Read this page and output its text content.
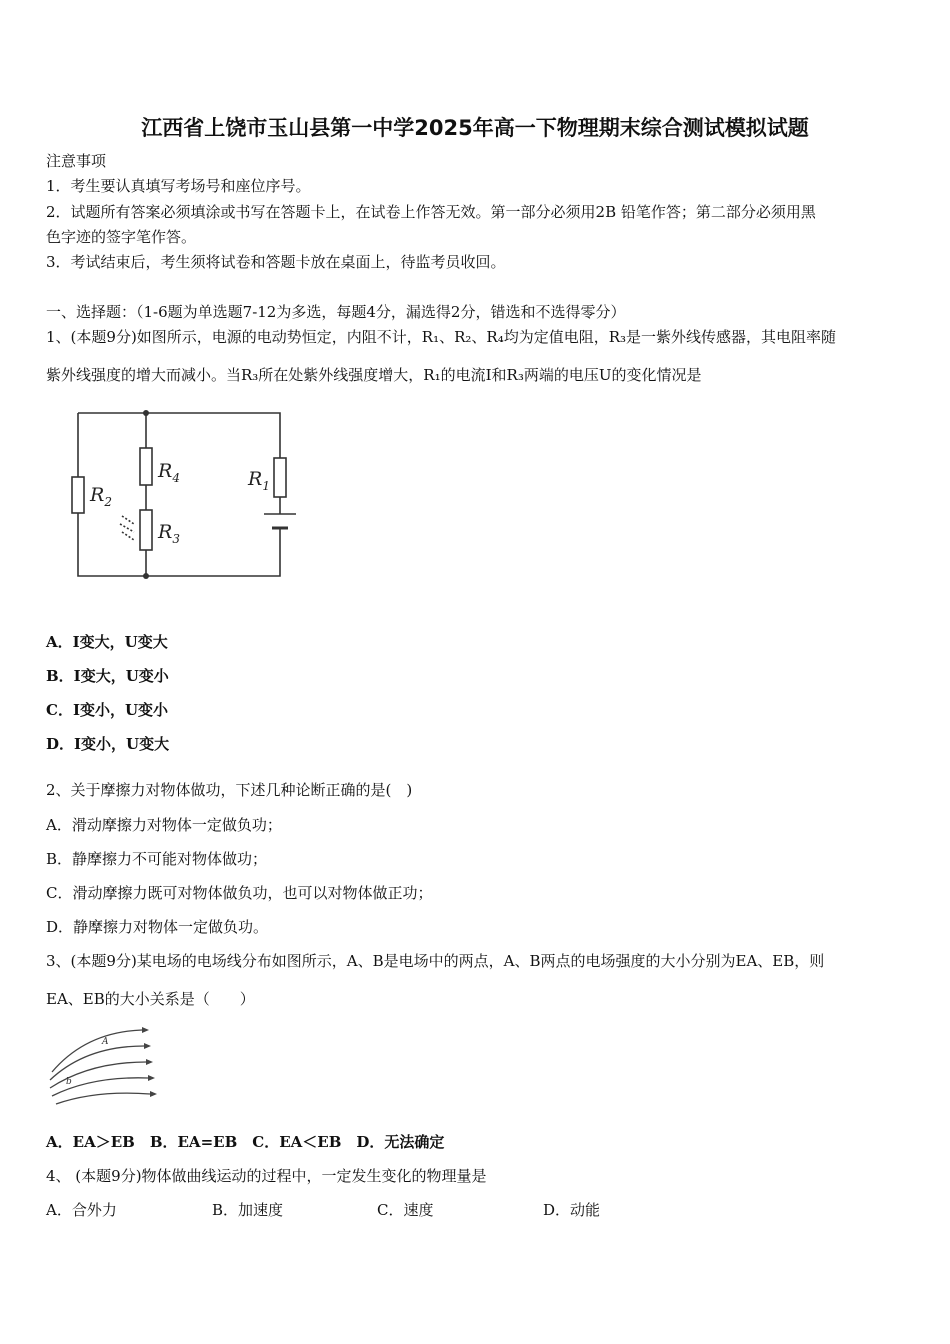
江西省上饶市玉山县第一中学2025年高一下物理期末综合测试模拟试题
注意事项
1．考生要认真填写考场号和座位序号。
2．试题所有答案必须填涂或书写在答题卡上，在试卷上作答无效。第一部分必须用2B 铅笔作答；第二部分必须用黑
色字迹的签字笔作答。
3．考试结束后，考生须将试卷和答题卡放在桌面上，待监考员收回。
一、选择题：（1-6题为单选题7-12为多选，每题4分，漏选得2分，错选和不选得零分）
1、(本题9分)如图所示，电源的电动势恒定，内阻不计，R₁、R₂、R₄均为定值电阻，R₃是一紫外线传感器，其电阻率随
紫外线强度的增大而减小。当R₃所在处紫外线强度增大，R₁的电流I和R₃两端的电压U的变化情况是
$R_2$
$R_4$
$R_3$
$R_1$
A．I变大，U变大
B．I变大，U变小
C．I变小，U变小
D．I变小，U变大
2、关于摩擦力对物体做功，下述几种论断正确的是(　)
A．滑动摩擦力对物体一定做负功；
B．静摩擦力不可能对物体做功；
C．滑动摩擦力既可对物体做负功，也可以对物体做正功；
D．静摩擦力对物体一定做负功。
3、(本题9分)某电场的电场线分布如图所示，A、B是电场中的两点，A、B两点的电场强度的大小分别为EA、EB，则
EA、EB的大小关系是（　　）
A
b
A．EA＞EB　B．EA=EB　C．EA＜EB　D．无法确定
4、 (本题9分)物体做曲线运动的过程中，一定发生变化的物理量是
A．合外力	B．加速度	C．速度	D．动能
